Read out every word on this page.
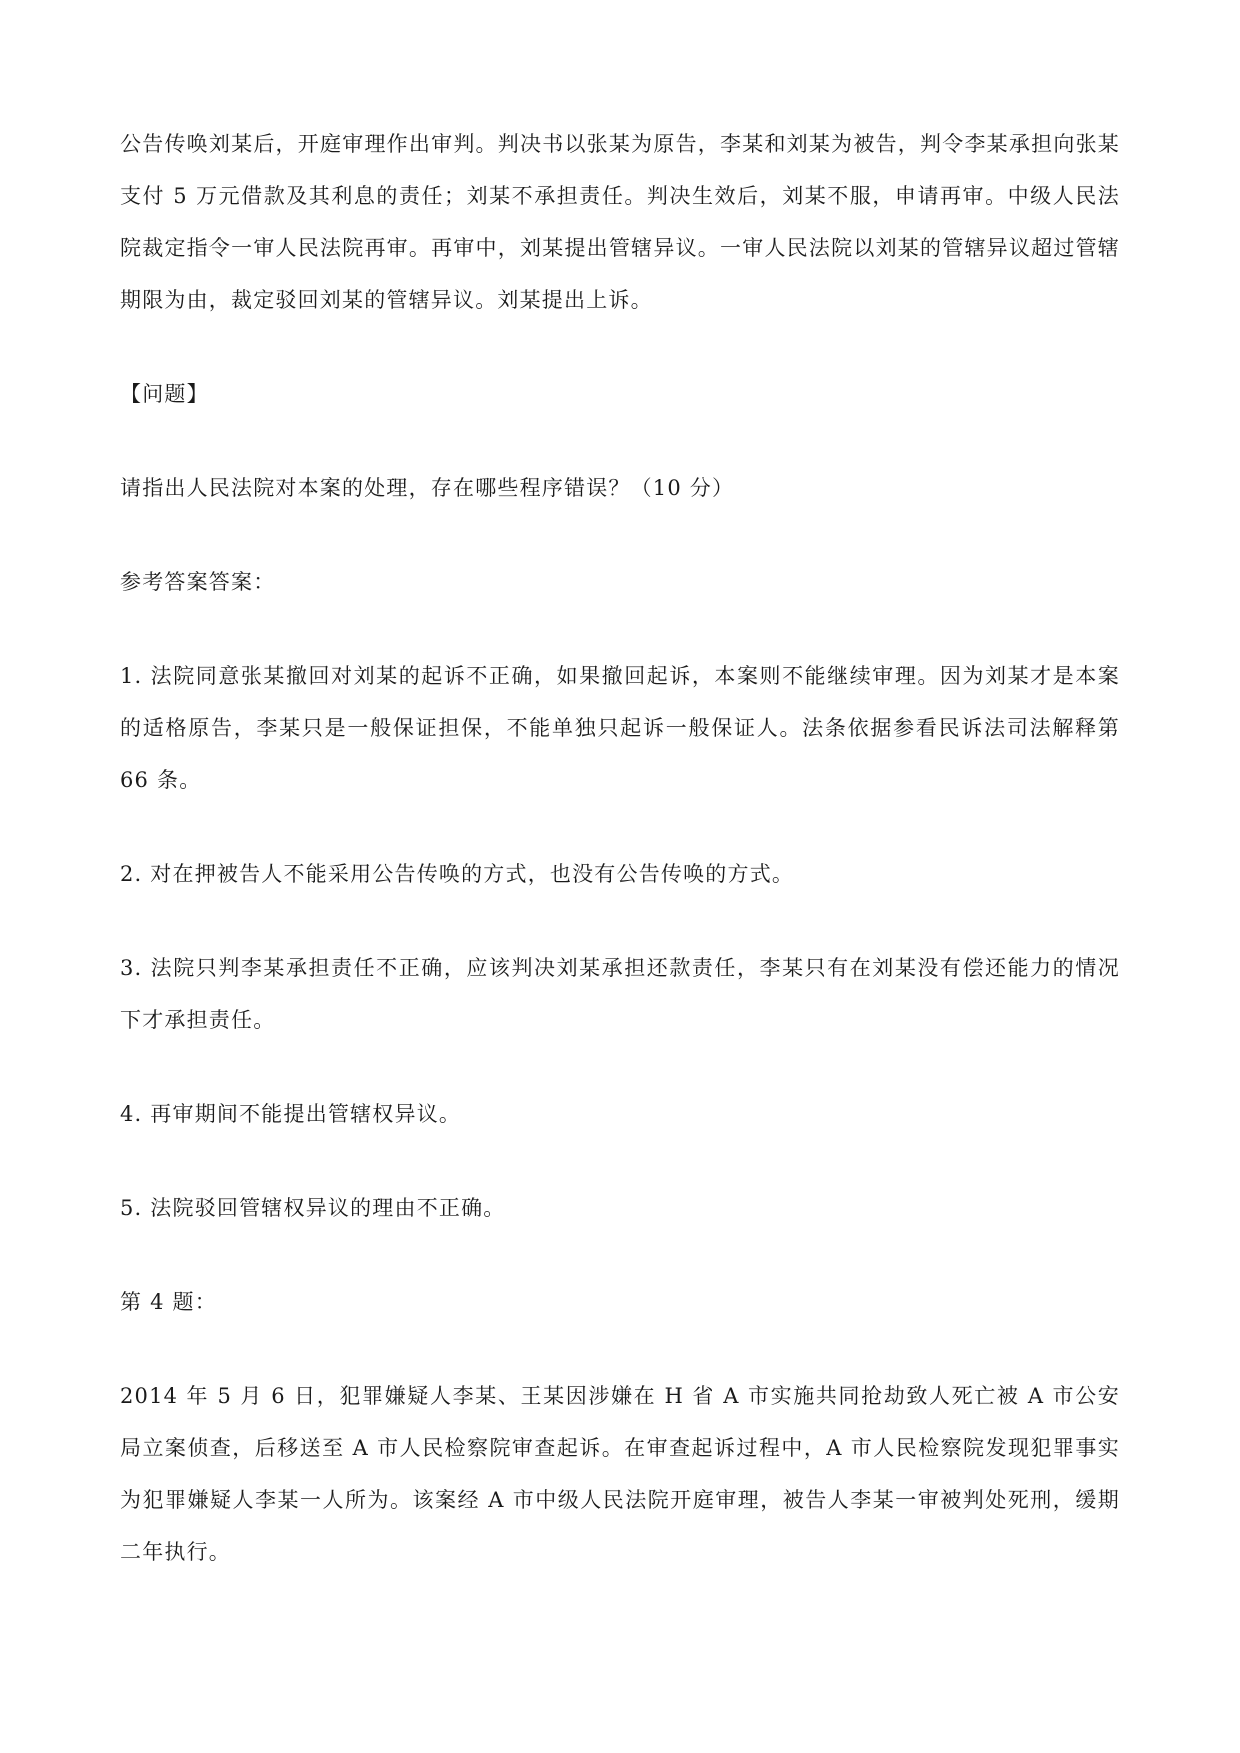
公告传唤刘某后，开庭审理作出审判。判决书以张某为原告，李某和刘某为被告，判令李某承担向张某支付 5 万元借款及其利息的责任；刘某不承担责任。判决生效后，刘某不服，申请再审。中级人民法院裁定指令一审人民法院再审。再审中，刘某提出管辖异议。一审人民法院以刘某的管辖异议超过管辖期限为由，裁定驳回刘某的管辖异议。刘某提出上诉。

【问题】

请指出人民法院对本案的处理，存在哪些程序错误？（10 分）

参考答案答案：

1. 法院同意张某撤回对刘某的起诉不正确，如果撤回起诉，本案则不能继续审理。因为刘某才是本案的适格原告，李某只是一般保证担保，不能单独只起诉一般保证人。法条依据参看民诉法司法解释第 66 条。

2. 对在押被告人不能采用公告传唤的方式，也没有公告传唤的方式。

3. 法院只判李某承担责任不正确，应该判决刘某承担还款责任，李某只有在刘某没有偿还能力的情况下才承担责任。

4. 再审期间不能提出管辖权异议。

5. 法院驳回管辖权异议的理由不正确。

第 4 题：

2014 年 5 月 6 日，犯罪嫌疑人李某、王某因涉嫌在 H 省 A 市实施共同抢劫致人死亡被 A 市公安局立案侦查，后移送至 A 市人民检察院审查起诉。在审查起诉过程中，A 市人民检察院发现犯罪事实为犯罪嫌疑人李某一人所为。该案经 A 市中级人民法院开庭审理，被告人李某一审被判处死刑，缓期二年执行。
